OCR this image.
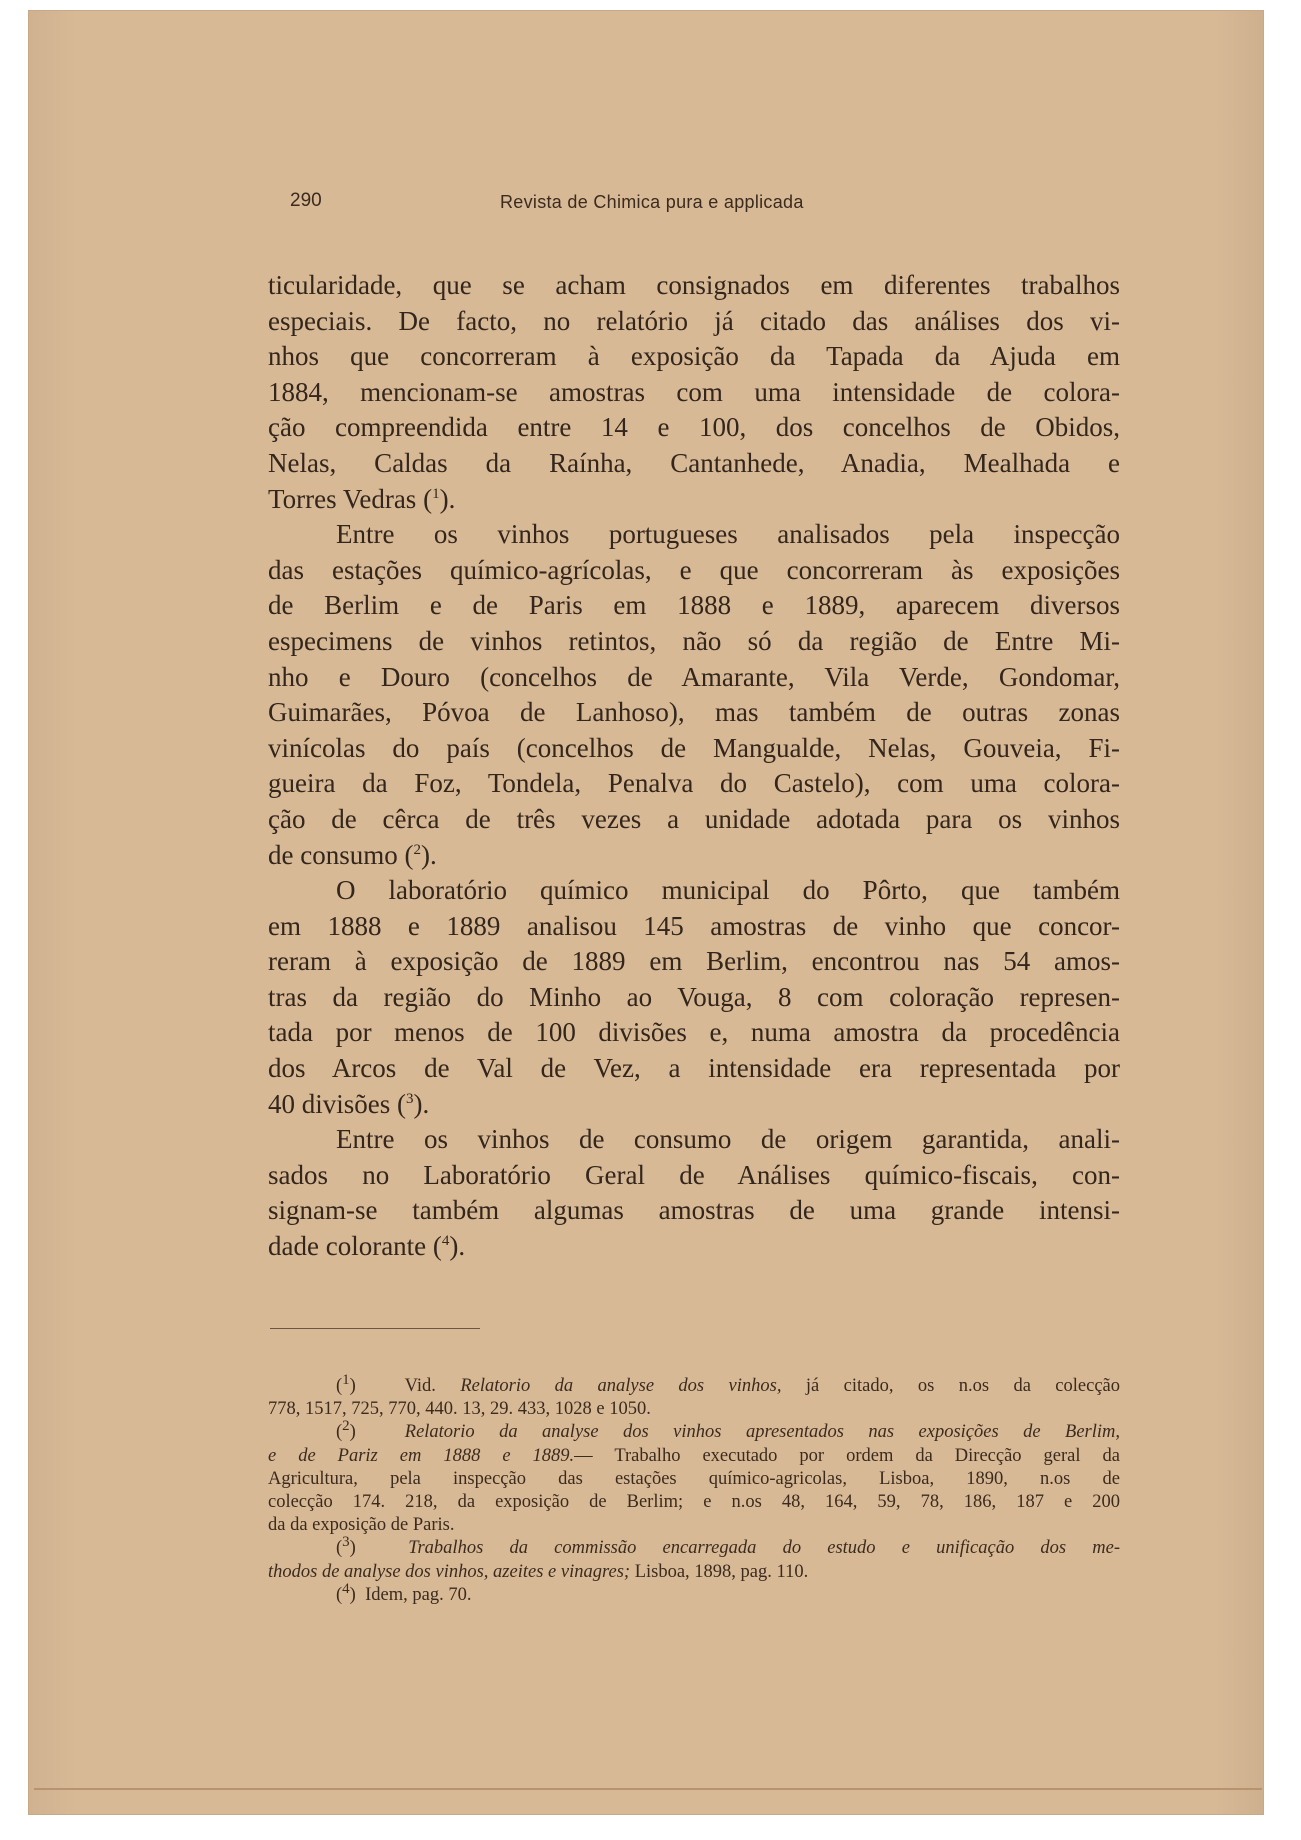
290	Revista de Chimica pura e applicada

ticularidade, que se acham consignados em diferentes trabalhos
especiais. De facto, no relatório já citado das análises dos vi-
nhos que concorreram à exposição da Tapada da Ajuda em
1884, mencionam-se amostras com uma intensidade de colora-
ção compreendida entre 14 e 100, dos concelhos de Obidos,
Nelas, Caldas da Raínha, Cantanhede, Anadia, Mealhada e
Torres Vedras ($^1$).

Entre os vinhos portugueses analisados pela inspecção
das estações químico-agrícolas, e que concorreram às exposições
de Berlim e de Paris em 1888 e 1889, aparecem diversos
especimens de vinhos retintos, não só da região de Entre Mi-
nho e Douro (concelhos de Amarante, Vila Verde, Gondomar,
Guimarães, Póvoa de Lanhoso), mas também de outras zonas
vinícolas do país (concelhos de Mangualde, Nelas, Gouveia, Fi-
gueira da Foz, Tondela, Penalva do Castelo), com uma colora-
ção de cêrca de três vezes a unidade adotada para os vinhos
de consumo ($^2$).

O laboratório químico municipal do Pôrto, que também
em 1888 e 1889 analisou 145 amostras de vinho que concor-
reram à exposição de 1889 em Berlim, encontrou nas 54 amos-
tras da região do Minho ao Vouga, 8 com coloração represen-
tada por menos de 100 divisões e, numa amostra da procedência
dos Arcos de Val de Vez, a intensidade era representada por
40 divisões ($^3$).

Entre os vinhos de consumo de origem garantida, anali-
sados no Laboratório Geral de Análises químico-fiscais, con-
signam-se também algumas amostras de uma grande intensi-
dade colorante ($^4$).

($^1$)	Vid. Relatorio da analyse dos vinhos, já citado, os n.os da colecção
778, 1517, 725, 770, 440. 13, 29. 433, 1028 e 1050.
($^2$)	Relatorio da analyse dos vinhos apresentados nas exposições de Berlim,
e de Pariz em 1888 e 1889.— Trabalho executado por ordem da Direcção geral da
Agricultura, pela inspecção das estações químico-agricolas, Lisboa, 1890, n.os de
colecção 174. 218, da exposição de Berlim; e n.os 48, 164, 59, 78, 186, 187 e 200
da da exposição de Paris.
($^3$)	Trabalhos da commissão encarregada do estudo e unificação dos me-
thodos de analyse dos vinhos, azeites e vinagres; Lisboa, 1898, pag. 110.
($^4$) Idem, pag. 70.
